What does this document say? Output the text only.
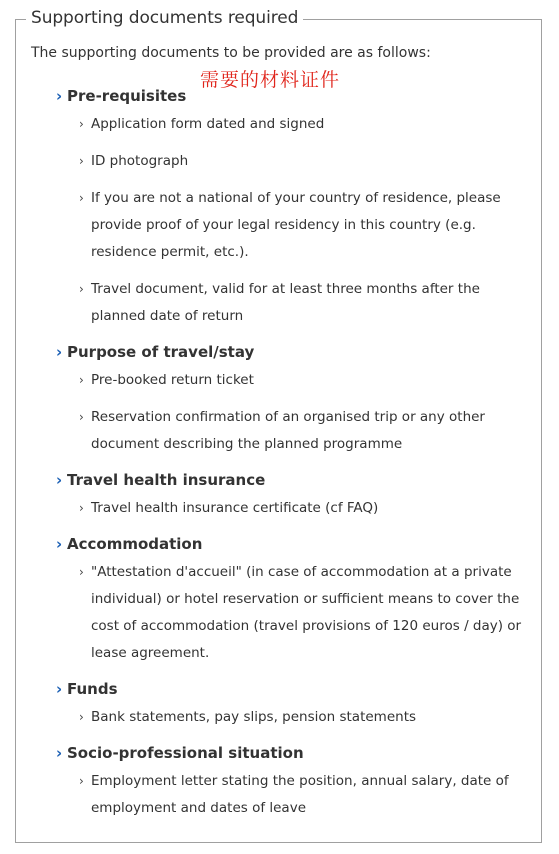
Supporting documents required
The supporting documents to be provided are as follows:
需要的材料证件
› Pre-requisites
› Application form dated and signed
› ID photograph
› If you are not a national of your country of residence, please provide proof of your legal residency in this country (e.g. residence permit, etc.).
› Travel document, valid for at least three months after the planned date of return
› Purpose of travel/stay
› Pre-booked return ticket
› Reservation confirmation of an organised trip or any other document describing the planned programme
› Travel health insurance
› Travel health insurance certificate (cf FAQ)
› Accommodation
› "Attestation d'accueil" (in case of accommodation at a private individual) or hotel reservation or sufficient means to cover the cost of accommodation (travel provisions of 120 euros / day) or lease agreement.
› Funds
› Bank statements, pay slips, pension statements
› Socio-professional situation
› Employment letter stating the position, annual salary, date of employment and dates of leave
